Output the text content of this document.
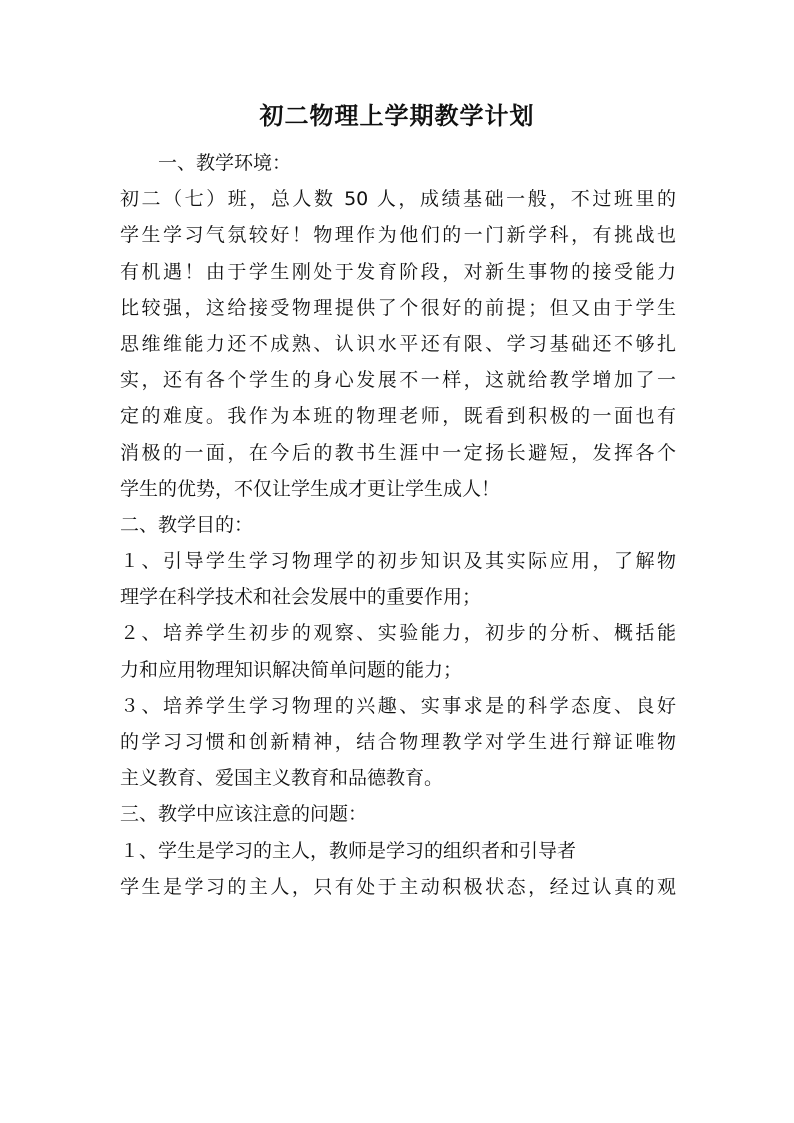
初二物理上学期教学计划
一、教学环境：
初二（七）班，总人数 50 人，成绩基础一般，不过班里的
学生学习气氛较好！物理作为他们的一门新学科，有挑战也
有机遇！由于学生刚处于发育阶段，对新生事物的接受能力
比较强，这给接受物理提供了个很好的前提；但又由于学生
思维维能力还不成熟、认识水平还有限、学习基础还不够扎
实，还有各个学生的身心发展不一样，这就给教学增加了一
定的难度。我作为本班的物理老师，既看到积极的一面也有
消极的一面，在今后的教书生涯中一定扬长避短，发挥各个
学生的优势，不仅让学生成才更让学生成人！
二、教学目的：
１、引导学生学习物理学的初步知识及其实际应用，了解物
理学在科学技术和社会发展中的重要作用；
２、培养学生初步的观察、实验能力，初步的分析、概括能
力和应用物理知识解决简单问题的能力；
３、培养学生学习物理的兴趣、实事求是的科学态度、良好
的学习习惯和创新精神，结合物理教学对学生进行辩证唯物
主义教育、爱国主义教育和品德教育。
三、教学中应该注意的问题：
１、学生是学习的主人，教师是学习的组织者和引导者
学生是学习的主人，只有处于主动积极状态，经过认真的观
